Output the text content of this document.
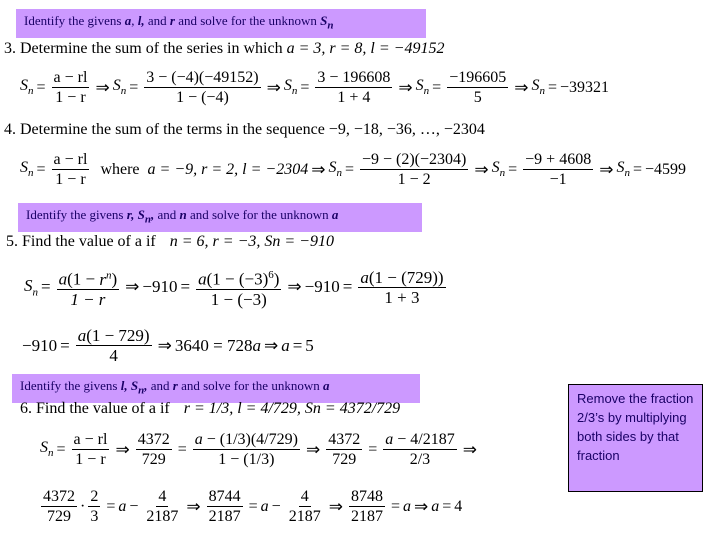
Identify the givens a, l, and r and solve for the unknown $S_n$
3. Determine the sum of the series in which a = 3, r = 8, l = −49152
$S_n = \frac{a - rl}{1 - r}$ ⇒ $S_n = \frac{3 - (-4)(-49152)}{1 - (-4)}$ ⇒ $S_n = \frac{3 - 196608}{1 + 4}$ ⇒ $S_n = \frac{-196605}{5}$ ⇒ $S_n = -39321$
4. Determine the sum of the terms in the sequence −9, −18, −36, …, −2304
$S_n = \frac{a - rl}{1 - r}$ where a = −9, r = 2, l = −2304 ⇒ $S_n = \frac{-9 - (2)(-2304)}{1 - 2}$ ⇒ $S_n = \frac{-9 + 4608}{-1}$ ⇒ $S_n = -4599$
Identify the givens r, $S_n$, and n and solve for the unknown a
5. Find the value of a if n = 6, r = −3, Sn = −910
$S_n = \frac{a(1 - r^n)}{1 - r}$ ⇒ $-910 = \frac{a(1 - (-3)^6)}{1 - (-3)}$ ⇒ $-910 = \frac{a(1 - (729))}{1 + 3}$
$-910 = \frac{a(1 - 729)}{4}$ ⇒ 3640 = 728a ⇒ a = 5
Identify the givens l, $S_n$, and r and solve for the unknown a
6. Find the value of a if r = 1/3, l = 4/729, Sn = 4372/729
$S_n = \frac{a - rl}{1 - r}$ ⇒ $\frac{4372}{729} = \frac{a - (1/3)(4/729)}{1 - (1/3)}$ ⇒ $\frac{4372}{729} = \frac{a - 4/2187}{2/3}$ ⇒
$\frac{4372}{729} \cdot \frac{2}{3} = a - \frac{4}{2187}$ ⇒ $\frac{8744}{2187} = a - \frac{4}{2187}$ ⇒ $\frac{8748}{2187} = a$ ⇒ a = 4
Remove the fraction 2/3’s by multiplying both sides by that fraction
